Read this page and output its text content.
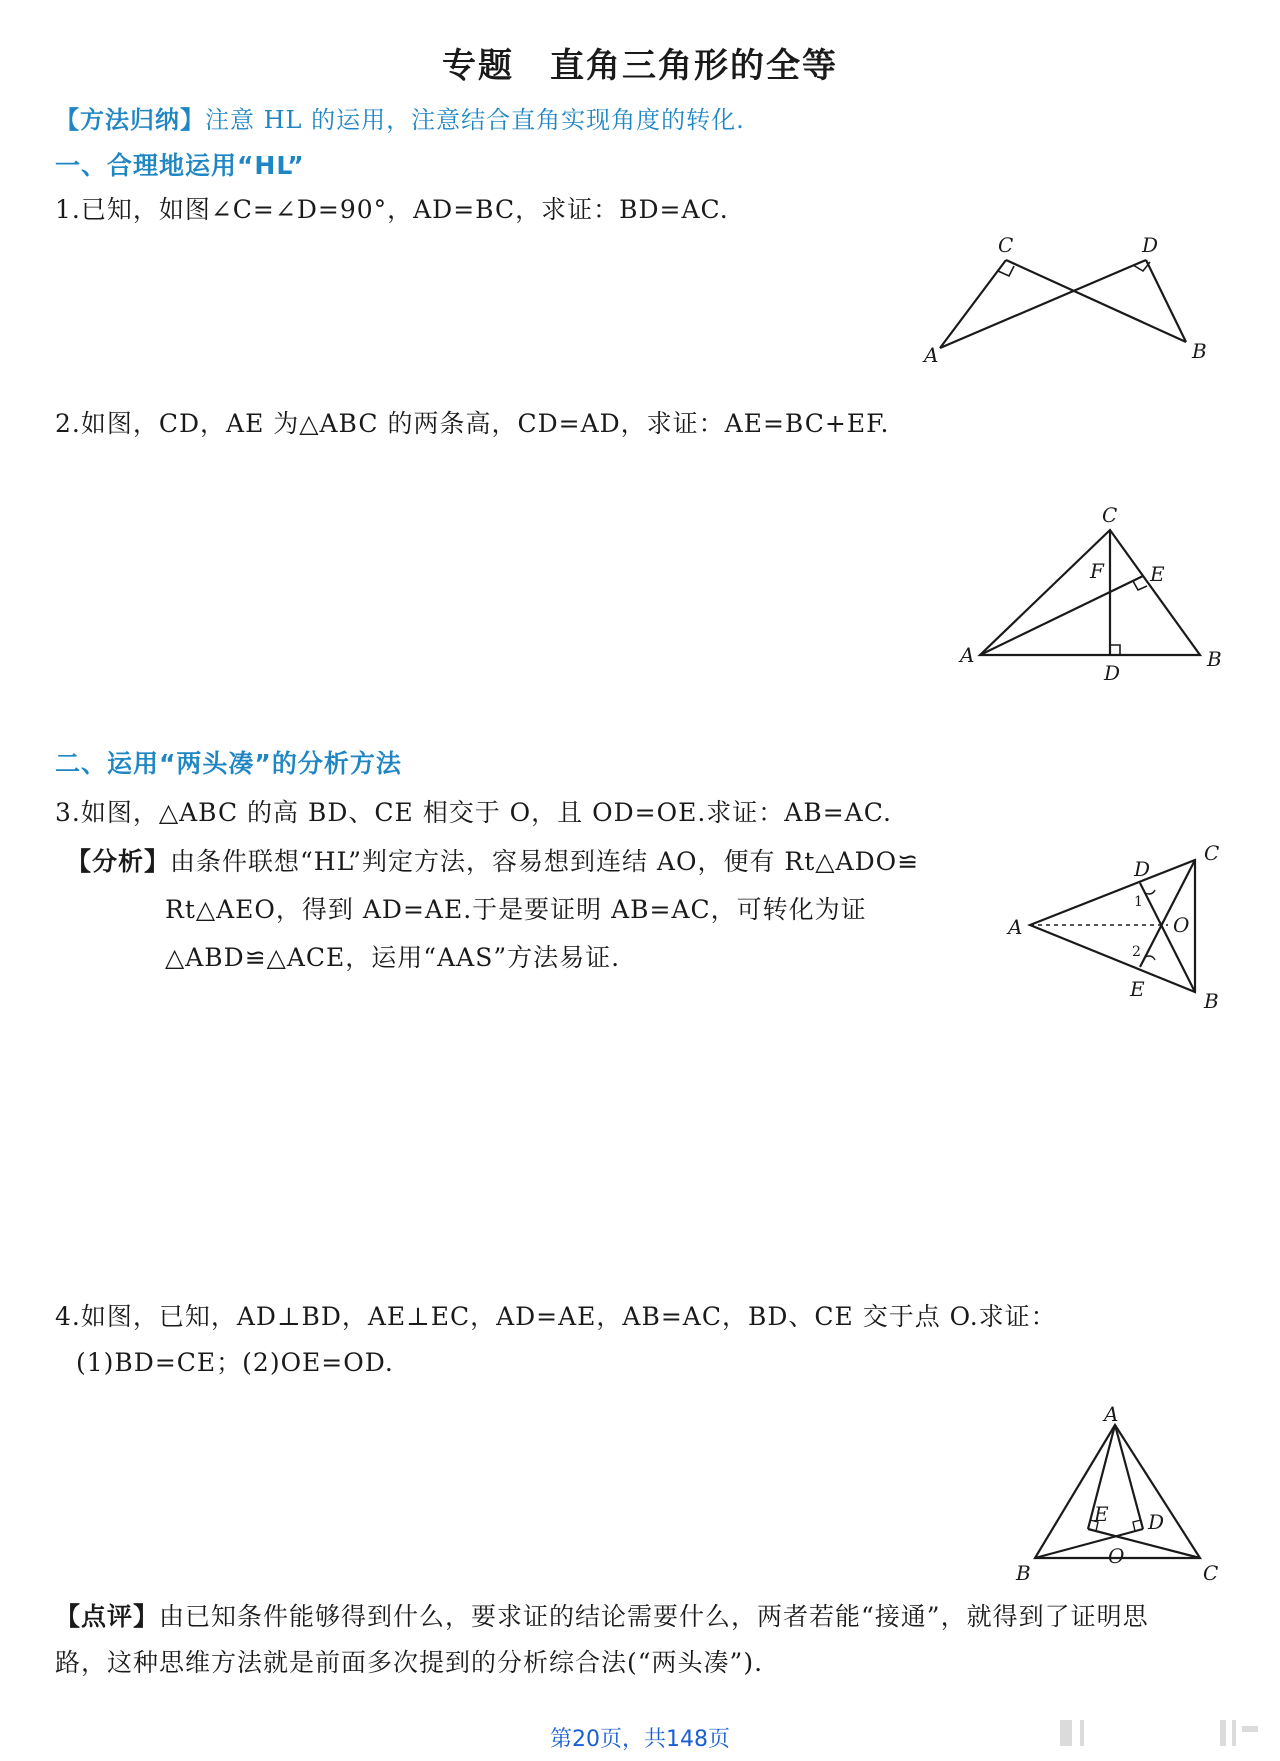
专题　直角三角形的全等
【方法归纳】注意 HL 的运用，注意结合直角实现角度的转化.
一、合理地运用“HL”
1.已知，如图∠C=∠D=90°，AD=BC，求证：BD=AC.
A	B
C	D
2.如图，CD，AE 为△ABC 的两条高，CD=AD，求证：AE=BC+EF.
C
E
F
A	B
D
二、运用“两头凑”的分析方法
3.如图，△ABC 的高 BD、CE 相交于 O，且 OD=OE.求证：AB=AC.
【分析】由条件联想“HL”判定方法，容易想到连结 AO，便有 Rt△ADO≌
Rt△AEO，得到 AD=AE.于是要证明 AB=AC，可转化为证
△ABD≌△ACE，运用“AAS”方法易证.
A
C
B
D
E
O
1
2
4.如图，已知，AD⊥BD，AE⊥EC，AD=AE，AB=AC，BD、CE 交于点 O.求证：
(1)BD=CE；(2)OE=OD.
A
B	C
D
E
O
【点评】由已知条件能够得到什么，要求证的结论需要什么，两者若能“接通”，就得到了证明思
路，这种思维方法就是前面多次提到的分析综合法(“两头凑”).
第20页，共148页
